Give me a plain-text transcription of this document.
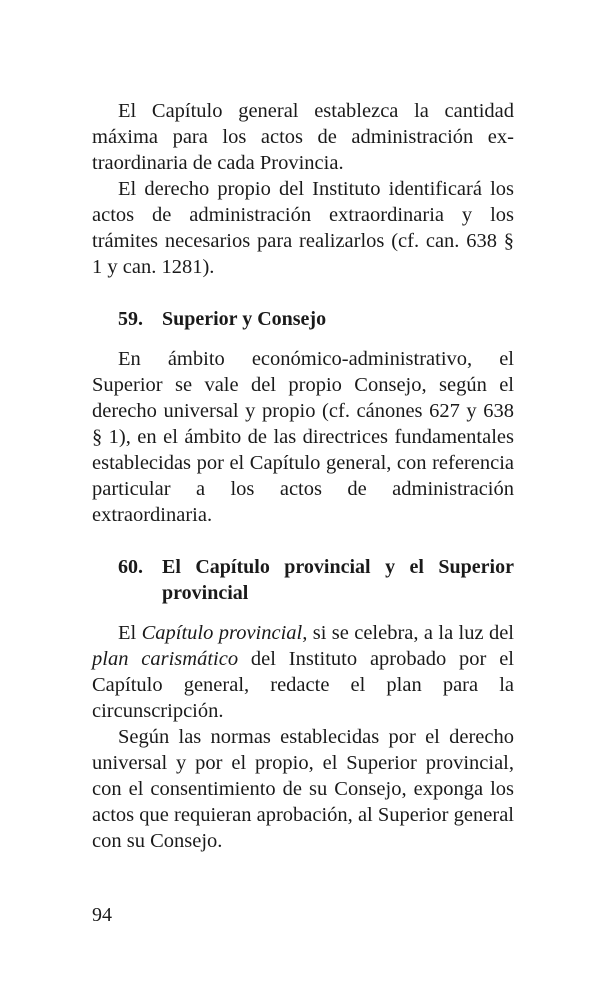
El Capítulo general establezca la cantidad máxima para los actos de administración extraordinaria de cada Provincia.

El derecho propio del Instituto identificará los actos de administración extraordinaria y los trámites necesarios para realizarlos (cf. can. 638 § 1 y can. 1281).

59. Superior y Consejo

En ámbito económico-administrativo, el Superior se vale del propio Consejo, según el derecho universal y propio (cf. cánones 627 y 638 § 1), en el ámbito de las directrices fundamentales establecidas por el Capítulo general, con referencia particular a los actos de administración extraordinaria.

60. El Capítulo provincial y el Superior provincial

El Capítulo provincial, si se celebra, a la luz del plan carismático del Instituto aprobado por el Capítulo general, redacte el plan para la circunscripción.

Según las normas establecidas por el derecho universal y por el propio, el Superior provincial, con el consentimiento de su Consejo, exponga los actos que requieran aprobación, al Superior general con su Consejo.

94
